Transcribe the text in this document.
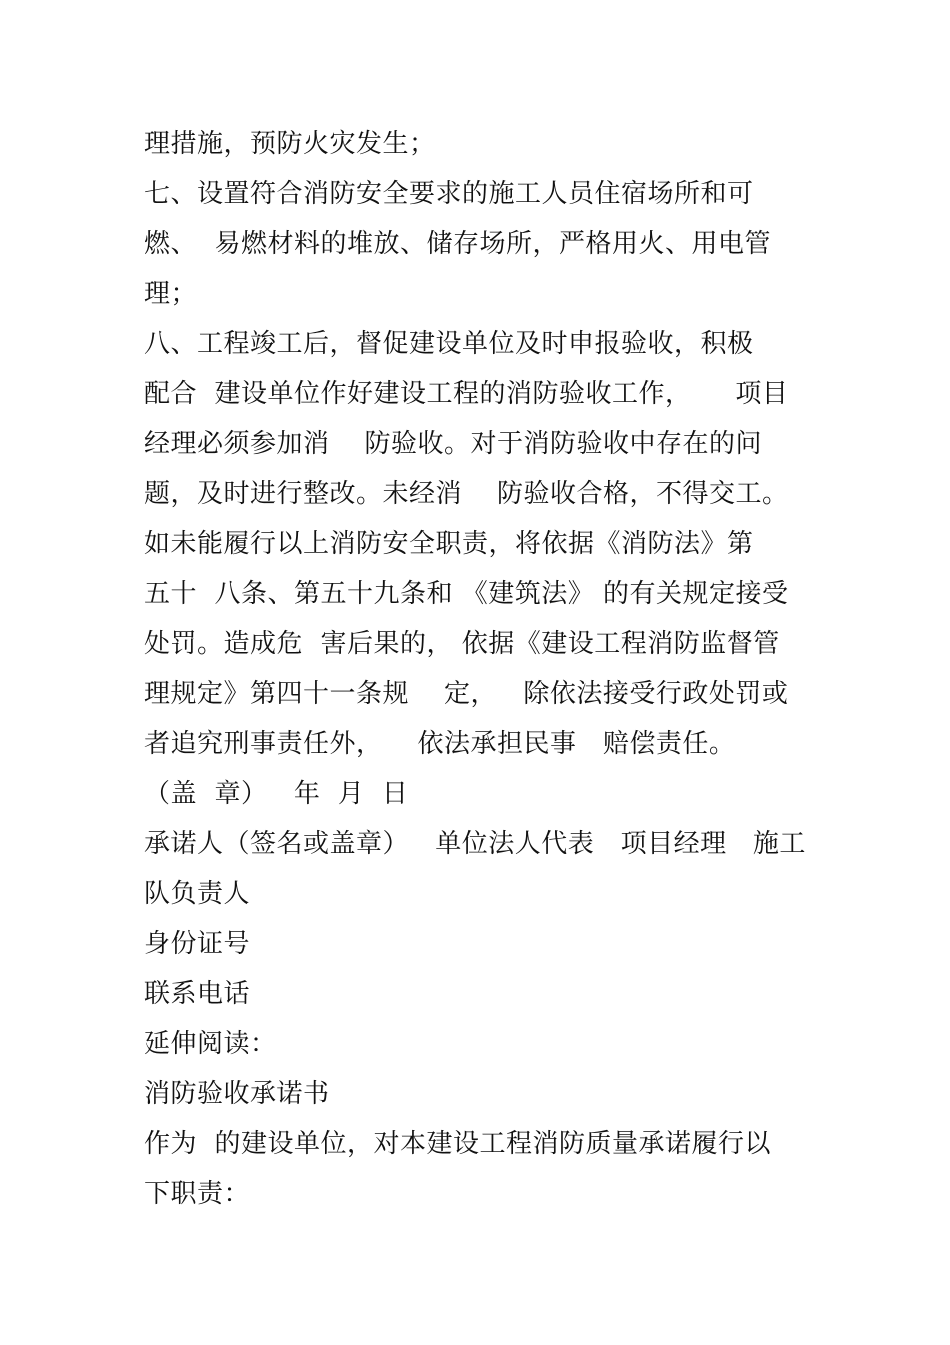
理措施，预防火灾发生；
七、设置符合消防安全要求的施工人员住宿场所和可
燃、  易燃材料的堆放、储存场所，严格用火、用电管
理；
八、工程竣工后，督促建设单位及时申报验收，积极
配合  建设单位作好建设工程的消防验收工作，     项目
经理必须参加消    防验收。对于消防验收中存在的问
题，及时进行整改。未经消    防验收合格，不得交工。
如未能履行以上消防安全职责，将依据《消防法》第
五十  八条、第五十九条和 《建筑法》 的有关规定接受
处罚。造成危  害后果的， 依据《建设工程消防监督管
理规定》第四十一条规    定，   除依法接受行政处罚或
者追究刑事责任外，    依法承担民事   赔偿责任。
（盖  章）   年  月  日
承诺人（签名或盖章）   单位法人代表   项目经理   施工
队负责人
身份证号
联系电话
延伸阅读：
消防验收承诺书
作为  的建设单位，对本建设工程消防质量承诺履行以
下职责：
